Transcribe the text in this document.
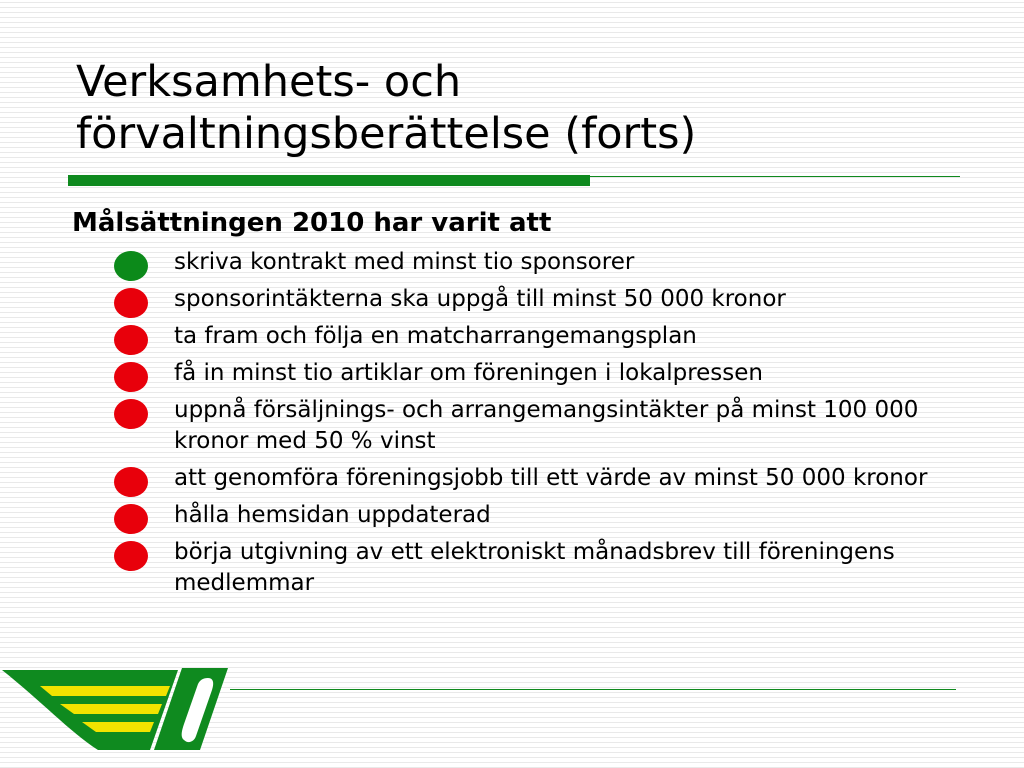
Verksamhets- och
förvaltningsberättelse (forts)

Målsättningen 2010 har varit att

skriva kontrakt med minst tio sponsorer
sponsorintäkterna ska uppgå till minst 50 000 kronor
ta fram och följa en matcharrangemangsplan
få in minst tio artiklar om föreningen i lokalpressen
uppnå försäljnings- och arrangemangsintäkter på minst 100 000 kronor med 50 % vinst
att genomföra föreningsjobb till ett värde av minst 50 000 kronor
hålla hemsidan uppdaterad
börja utgivning av ett elektroniskt månadsbrev till föreningens medlemmar
